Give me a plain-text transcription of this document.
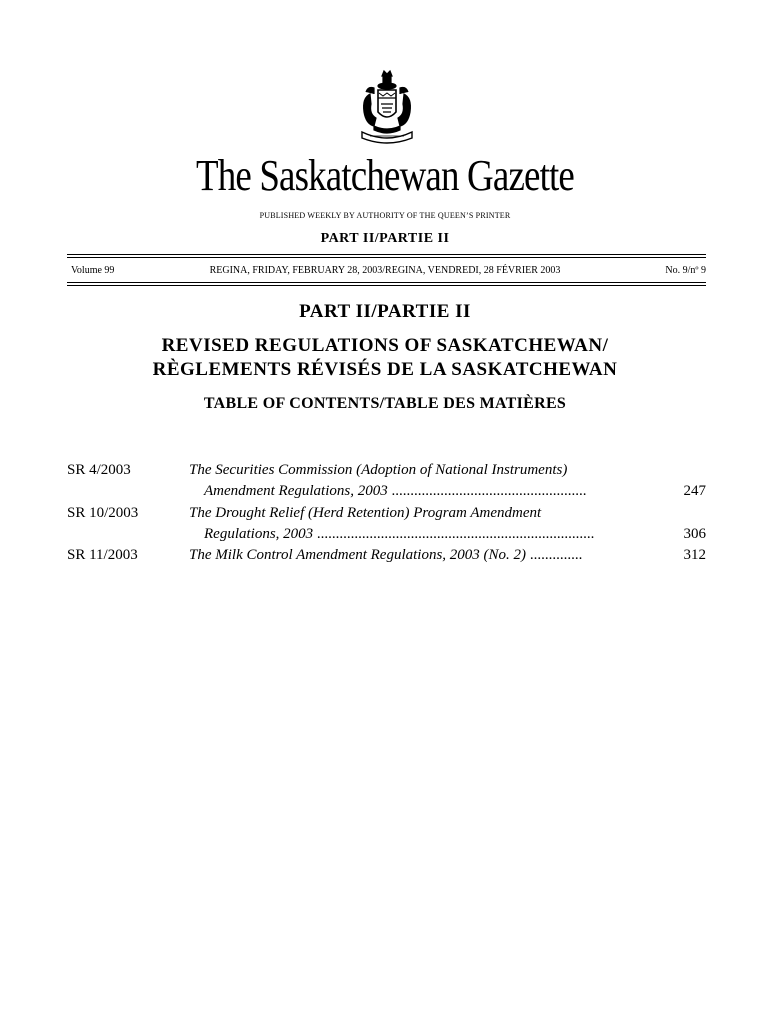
The Saskatchewan Gazette
PUBLISHED WEEKLY BY AUTHORITY OF THE QUEEN’S PRINTER
PART II/PARTIE II
Volume 99	REGINA, FRIDAY, FEBRUARY 28, 2003/REGINA, VENDREDI, 28 FÉVRIER 2003	No. 9/nº 9
PART II/PARTIE II
REVISED REGULATIONS OF SASKATCHEWAN/
RÈGLEMENTS RÉVISÉS DE LA SASKATCHEWAN
TABLE OF CONTENTS/TABLE DES MATIÈRES
SR 4/2003	The Securities Commission (Adoption of National Instruments)
Amendment Regulations, 2003 ....................................................	247
SR 10/2003	The Drought Relief (Herd Retention) Program Amendment
Regulations, 2003 ..........................................................................	306
SR 11/2003	The Milk Control Amendment Regulations, 2003 (No. 2) ..............	312
